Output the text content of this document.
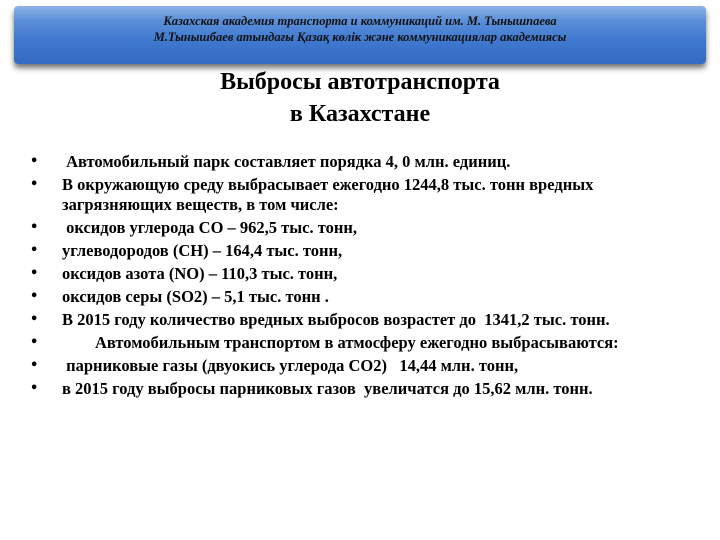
Казахская академия транспорта и коммуникаций им. М. Тынышпаева
М.Тынышбаев атындағы Қазақ көлік және коммуникациялар академиясы
Выбросы автотранспорта
в Казахстане
•	Автомобильный парк составляет порядка 4, 0 млн. единиц.
•	В окружающую среду выбрасывает ежегодно 1244,8 тыс. тонн вредных загрязняющих веществ, в том числе:
•	оксидов углерода СО – 962,5 тыс. тонн,
•	углеводородов (СН) – 164,4 тыс. тонн,
•	оксидов азота (NO) – 110,3 тыс. тонн,
•	оксидов серы (SO2) – 5,1 тыс. тонн .
•	В 2015 году количество вредных выбросов возрастет до  1341,2 тыс. тонн.
•	Автомобильным транспортом в атмосферу ежегодно выбрасываются:
•	парниковые газы (двуокись углерода СО2)   14,44 млн. тонн,
•	в 2015 году выбросы парниковых газов  увеличатся до 15,62 млн. тонн.
